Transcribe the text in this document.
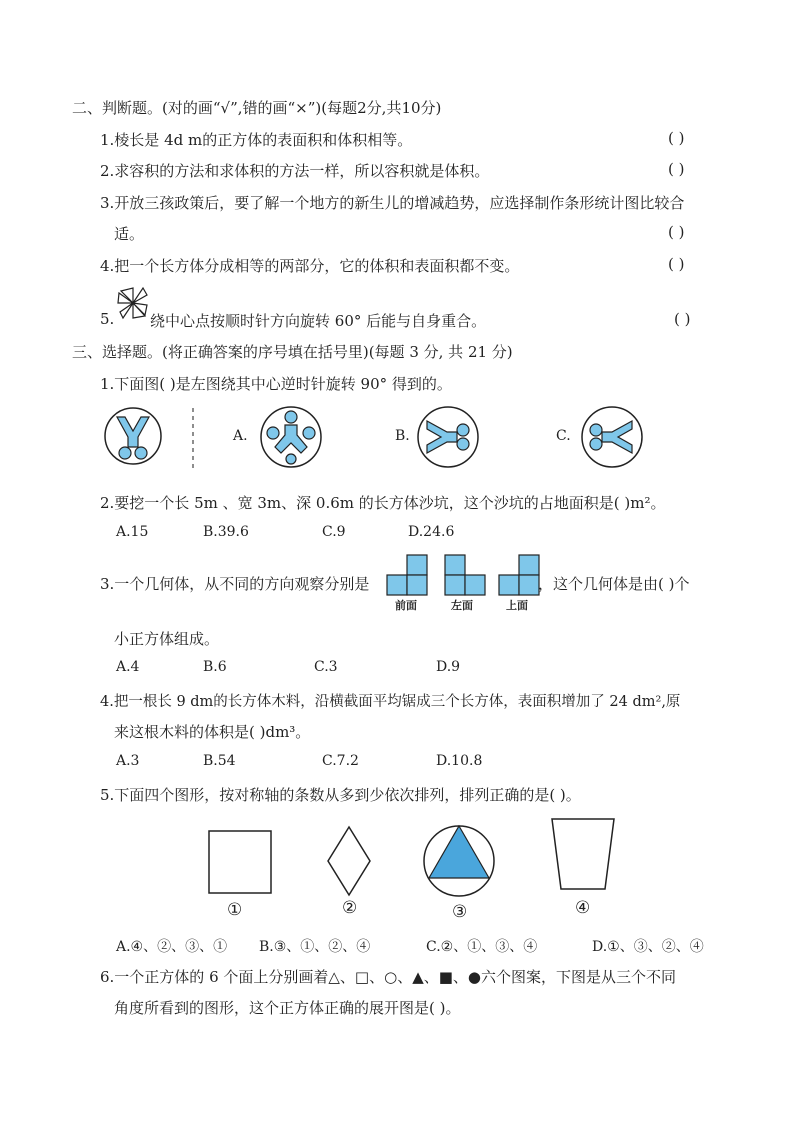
二、判断题。(对的画“√”,错的画“×”)(每题2分,共10分)
1.棱长是 4d m的正方体的表面积和体积相等。	( )
2.求容积的方法和求体积的方法一样，所以容积就是体积。	( )
3.开放三孩政策后，要了解一个地方的新生儿的增减趋势，应选择制作条形统计图比较合
适。	( )
4.把一个长方体分成相等的两部分，它的体积和表面积都不变。	( )
5. 绕中心点按顺时针方向旋转 60° 后能与自身重合。	( )
三、选择题。(将正确答案的序号填在括号里)(每题 3 分, 共 21 分)
1.下面图( )是左图绕其中心逆时针旋转 90° 得到的。
A.	B.	C.
2.要挖一个长 5m 、宽 3m、深 0.6m 的长方体沙坑，这个沙坑的占地面积是( )m²。
A.15	B.39.6	C.9	D.24.6
3.一个几何体，从不同的方向观察分别是
前面	左面	上面
，这个几何体是由( )个
小正方体组成。
A.4	B.6	C.3	D.9
4.把一根长 9 dm的长方体木料，沿横截面平均锯成三个长方体，表面积增加了 24 dm²,原
来这根木料的体积是( )dm³。
A.3	B.54	C.7.2	D.10.8
5.下面四个图形，按对称轴的条数从多到少依次排列，排列正确的是( )。
①	②	③	④
A.④、②、③、① B.③、①、②、④	C.②、①、③、④	D.①、③、②、④
6.一个正方体的 6 个面上分别画着△、□、○、▲、■、●六个图案，下图是从三个不同
角度所看到的图形，这个正方体正确的展开图是( )。
